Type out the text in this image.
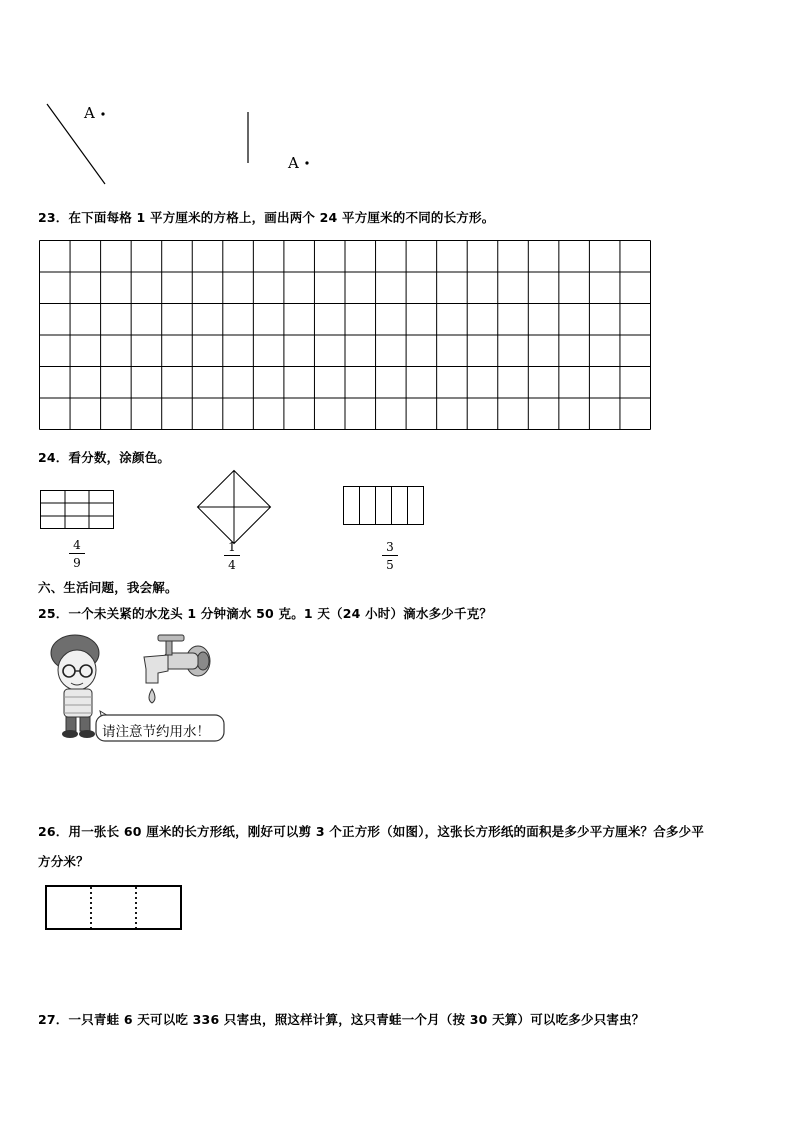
A
A
23．在下面每格 1 平方厘米的方格上，画出两个 24 平方厘米的不同的长方形。
24．看分数，涂颜色。
4
9
1
4
3
5
六、生活问题，我会解。
25．一个未关紧的水龙头 1 分钟滴水 50 克。1 天（24 小时）滴水多少千克？
请注意节约用水！
26．用一张长 60 厘米的长方形纸，刚好可以剪 3 个正方形（如图），这张长方形纸的面积是多少平方厘米？合多少平
方分米？
27．一只青蛙 6 天可以吃 336 只害虫，照这样计算，这只青蛙一个月（按 30 天算）可以吃多少只害虫？
